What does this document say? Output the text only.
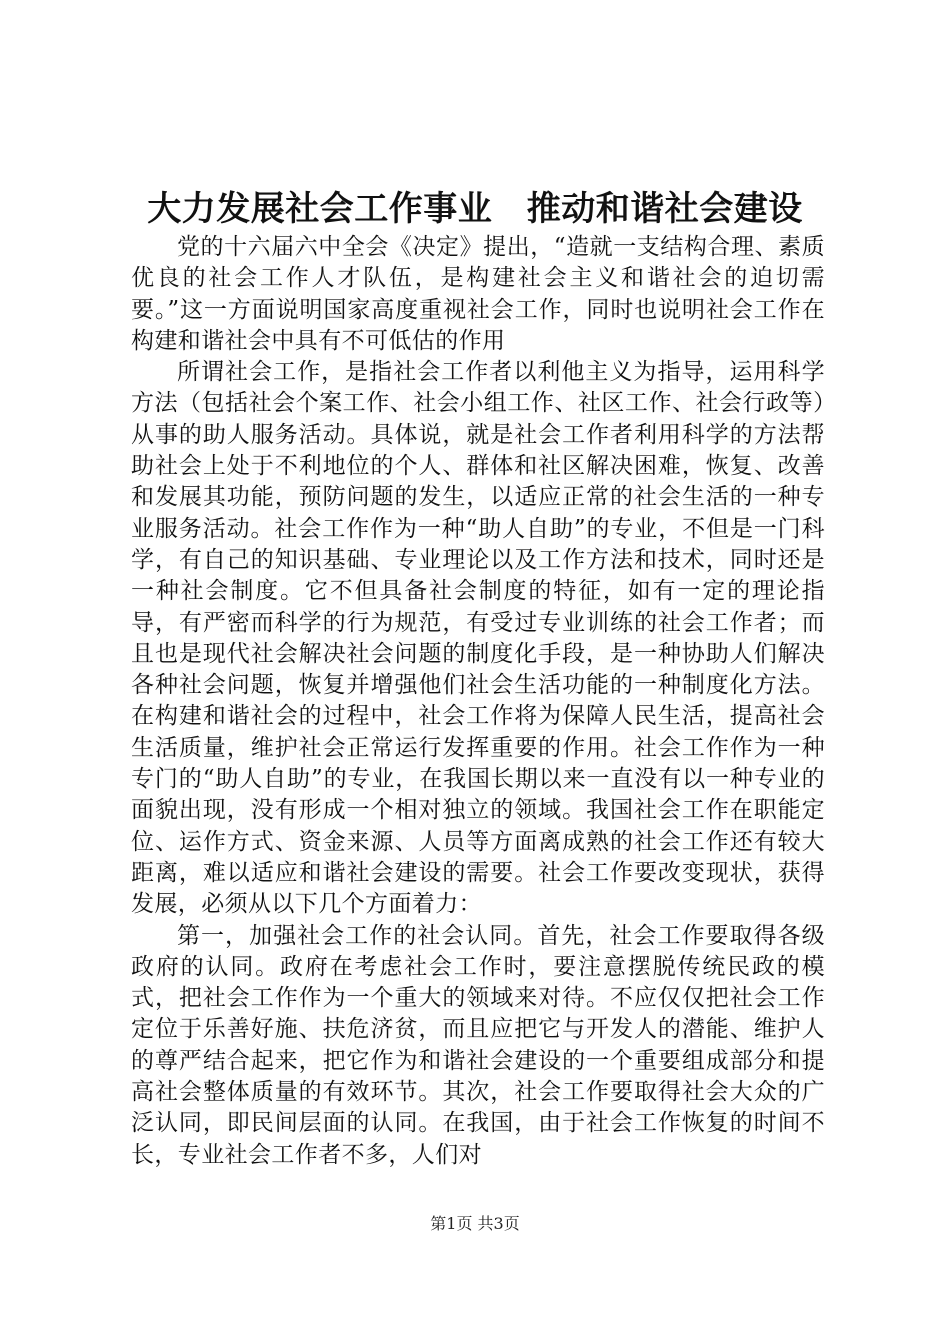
大力发展社会工作事业　推动和谐社会建设

党的十六届六中全会《决定》提出，“造就一支结构合理、素质优良的社会工作人才队伍，是构建社会主义和谐社会的迫切需要。”这一方面说明国家高度重视社会工作，同时也说明社会工作在构建和谐社会中具有不可低估的作用

所谓社会工作，是指社会工作者以利他主义为指导，运用科学方法（包括社会个案工作、社会小组工作、社区工作、社会行政等）从事的助人服务活动。具体说，就是社会工作者利用科学的方法帮助社会上处于不利地位的个人、群体和社区解决困难，恢复、改善和发展其功能，预防问题的发生，以适应正常的社会生活的一种专业服务活动。社会工作作为一种“助人自助”的专业，不但是一门科学，有自己的知识基础、专业理论以及工作方法和技术，同时还是一种社会制度。它不但具备社会制度的特征，如有一定的理论指导，有严密而科学的行为规范，有受过专业训练的社会工作者；而且也是现代社会解决社会问题的制度化手段，是一种协助人们解决各种社会问题，恢复并增强他们社会生活功能的一种制度化方法。在构建和谐社会的过程中，社会工作将为保障人民生活，提高社会生活质量，维护社会正常运行发挥重要的作用。社会工作作为一种专门的“助人自助”的专业，在我国长期以来一直没有以一种专业的面貌出现，没有形成一个相对独立的领域。我国社会工作在职能定位、运作方式、资金来源、人员等方面离成熟的社会工作还有较大距离，难以适应和谐社会建设的需要。社会工作要改变现状，获得发展，必须从以下几个方面着力：

第一，加强社会工作的社会认同。首先，社会工作要取得各级政府的认同。政府在考虑社会工作时，要注意摆脱传统民政的模式，把社会工作作为一个重大的领域来对待。不应仅仅把社会工作定位于乐善好施、扶危济贫，而且应把它与开发人的潜能、维护人的尊严结合起来，把它作为和谐社会建设的一个重要组成部分和提高社会整体质量的有效环节。其次，社会工作要取得社会大众的广泛认同，即民间层面的认同。在我国，由于社会工作恢复的时间不长，专业社会工作者不多，人们对

第1页 共3页
